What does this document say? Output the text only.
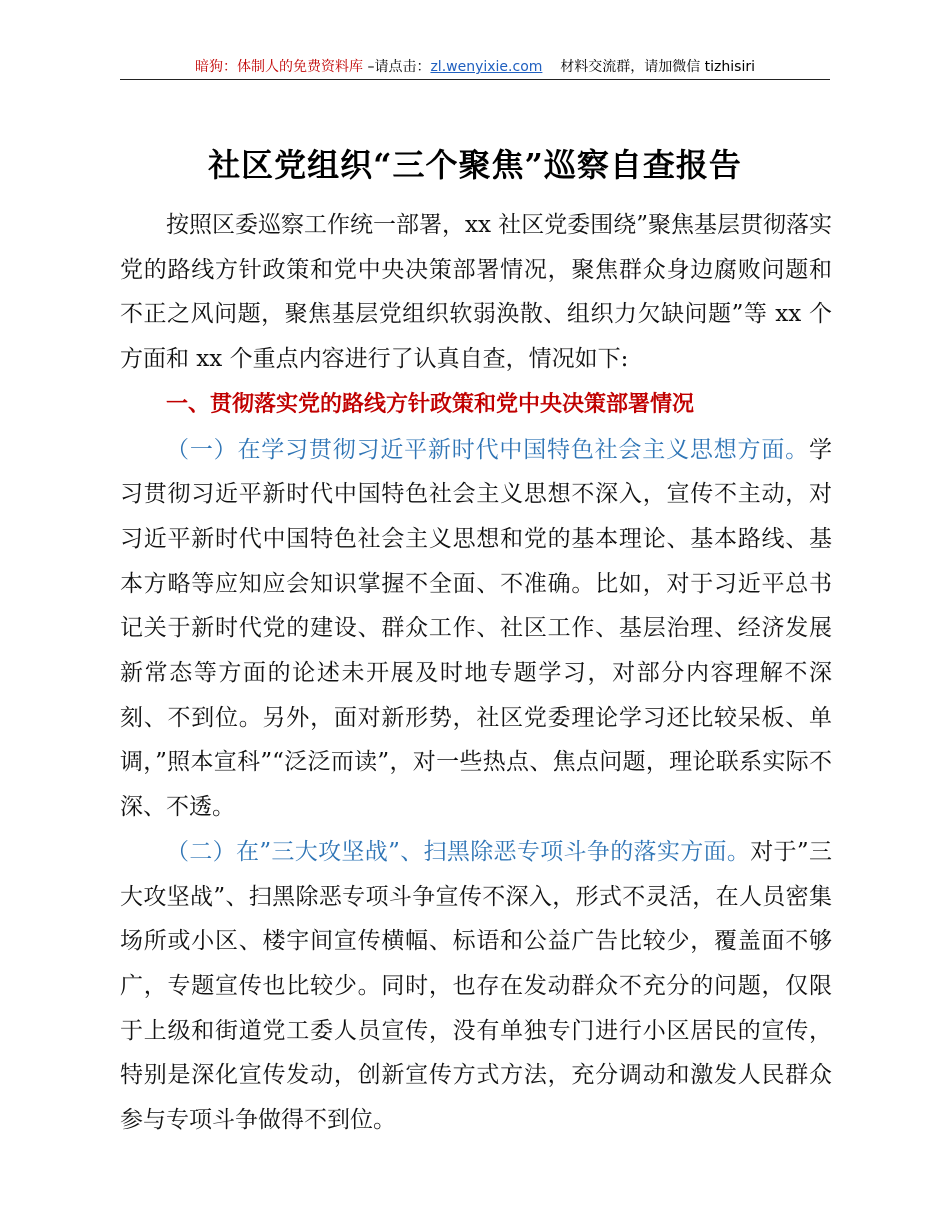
暗狗：体制人的免费资料库 –请点击：zl.wenyixie.com 材料交流群，请加微信 tizhisiri
社区党组织“三个聚焦”巡察自查报告

按照区委巡察工作统一部署，xx 社区党委围绕”聚焦基层贯彻落实党的路线方针政策和党中央决策部署情况，聚焦群众身边腐败问题和不正之风问题，聚焦基层党组织软弱涣散、组织力欠缺问题”等 xx 个方面和 xx 个重点内容进行了认真自查，情况如下:

一、贯彻落实党的路线方针政策和党中央决策部署情况

（一）在学习贯彻习近平新时代中国特色社会主义思想方面。学习贯彻习近平新时代中国特色社会主义思想不深入，宣传不主动，对习近平新时代中国特色社会主义思想和党的基本理论、基本路线、基本方略等应知应会知识掌握不全面、不准确。比如，对于习近平总书记关于新时代党的建设、群众工作、社区工作、基层治理、经济发展新常态等方面的论述未开展及时地专题学习，对部分内容理解不深刻、不到位。另外，面对新形势，社区党委理论学习还比较呆板、单调，”照本宣科”“泛泛而读”，对一些热点、焦点问题，理论联系实际不深、不透。

（二）在”三大攻坚战”、扫黑除恶专项斗争的落实方面。对于”三大攻坚战”、扫黑除恶专项斗争宣传不深入，形式不灵活，在人员密集场所或小区、楼宇间宣传横幅、标语和公益广告比较少，覆盖面不够广，专题宣传也比较少。同时，也存在发动群众不充分的问题，仅限于上级和街道党工委人员宣传，没有单独专门进行小区居民的宣传，特别是深化宣传发动，创新宣传方式方法，充分调动和激发人民群众参与专项斗争做得不到位。
